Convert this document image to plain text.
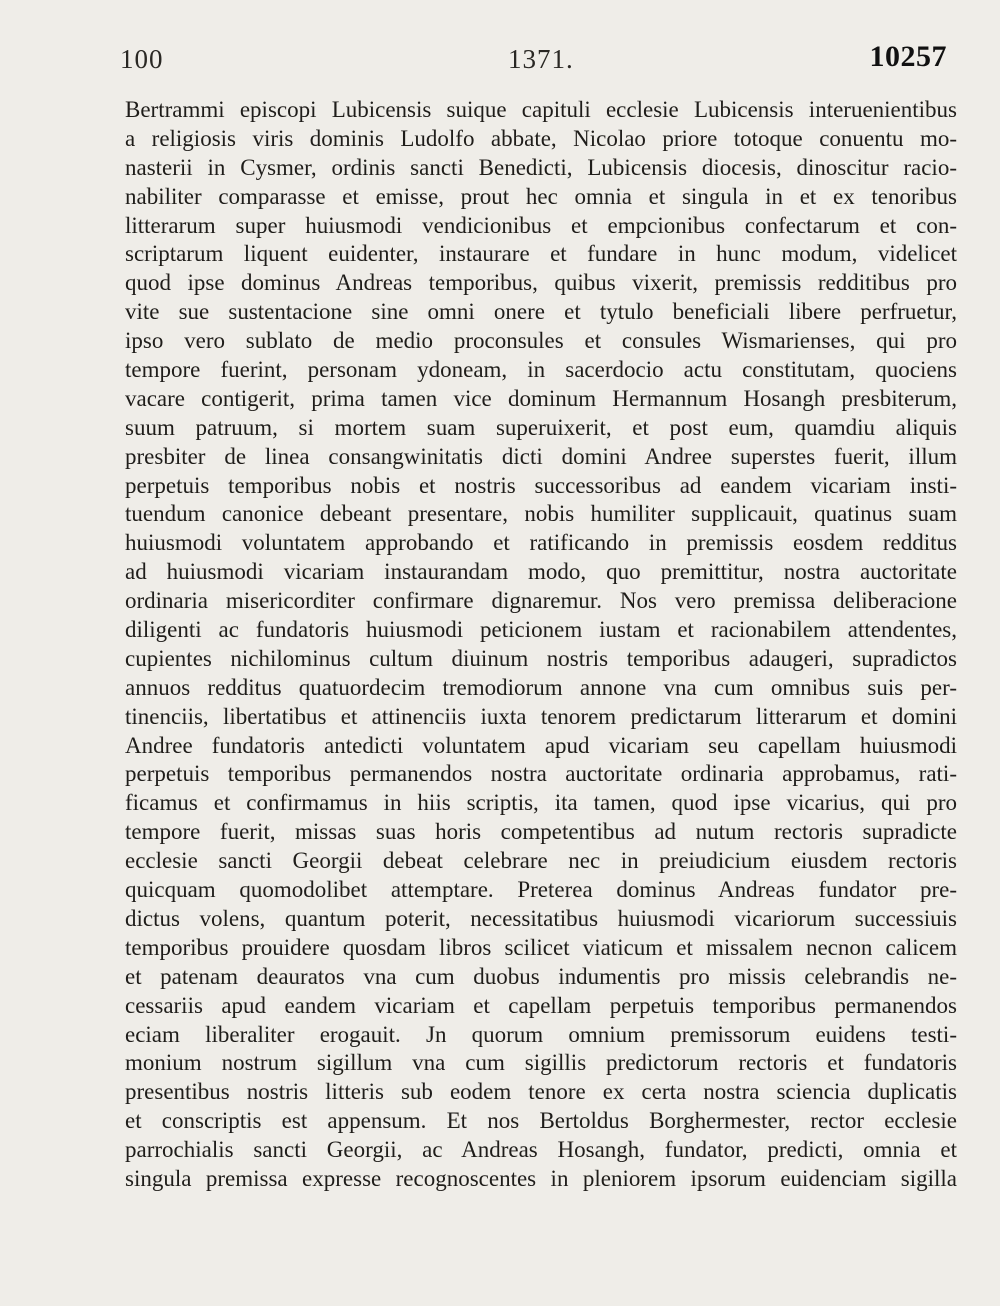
100	1371.	10257
Bertrammi episcopi Lubicensis suique capituli ecclesie Lubicensis interuenientibus
a religiosis viris dominis Ludolfo abbate, Nicolao priore totoque conuentu mo-
nasterii in Cysmer, ordinis sancti Benedicti, Lubicensis diocesis, dinoscitur racio-
nabiliter comparasse et emisse, prout hec omnia et singula in et ex tenoribus
litterarum super huiusmodi vendicionibus et empcionibus confectarum et con-
scriptarum liquent euidenter, instaurare et fundare in hunc modum, videlicet
quod ipse dominus Andreas temporibus, quibus vixerit, premissis redditibus pro
vite sue sustentacione sine omni onere et tytulo beneficiali libere perfruetur,
ipso vero sublato de medio proconsules et consules Wismarienses, qui pro
tempore fuerint, personam ydoneam, in sacerdocio actu constitutam, quociens
vacare contigerit, prima tamen vice dominum Hermannum Hosangh presbiterum,
suum patruum, si mortem suam superuixerit, et post eum, quamdiu aliquis
presbiter de linea consangwinitatis dicti domini Andree superstes fuerit, illum
perpetuis temporibus nobis et nostris successoribus ad eandem vicariam insti-
tuendum canonice debeant presentare, nobis humiliter supplicauit, quatinus suam
huiusmodi voluntatem approbando et ratificando in premissis eosdem redditus
ad huiusmodi vicariam instaurandam modo, quo premittitur, nostra auctoritate
ordinaria misericorditer confirmare dignaremur. Nos vero premissa deliberacione
diligenti ac fundatoris huiusmodi peticionem iustam et racionabilem attendentes,
cupientes nichilominus cultum diuinum nostris temporibus adaugeri, supradictos
annuos redditus quatuordecim tremodiorum annone vna cum omnibus suis per-
tinenciis, libertatibus et attinenciis iuxta tenorem predictarum litterarum et domini
Andree fundatoris antedicti voluntatem apud vicariam seu capellam huiusmodi
perpetuis temporibus permanendos nostra auctoritate ordinaria approbamus, rati-
ficamus et confirmamus in hiis scriptis, ita tamen, quod ipse vicarius, qui pro
tempore fuerit, missas suas horis competentibus ad nutum rectoris supradicte
ecclesie sancti Georgii debeat celebrare nec in preiudicium eiusdem rectoris
quicquam quomodolibet attemptare. Preterea dominus Andreas fundator pre-
dictus volens, quantum poterit, necessitatibus huiusmodi vicariorum successiuis
temporibus prouidere quosdam libros scilicet viaticum et missalem necnon calicem
et patenam deauratos vna cum duobus indumentis pro missis celebrandis ne-
cessariis apud eandem vicariam et capellam perpetuis temporibus permanendos
eciam liberaliter erogauit. Jn quorum omnium premissorum euidens testi-
monium nostrum sigillum vna cum sigillis predictorum rectoris et fundatoris
presentibus nostris litteris sub eodem tenore ex certa nostra sciencia duplicatis
et conscriptis est appensum. Et nos Bertoldus Borghermester, rector ecclesie
parrochialis sancti Georgii, ac Andreas Hosangh, fundator, predicti, omnia et
singula premissa expresse recognoscentes in pleniorem ipsorum euidenciam sigilla
